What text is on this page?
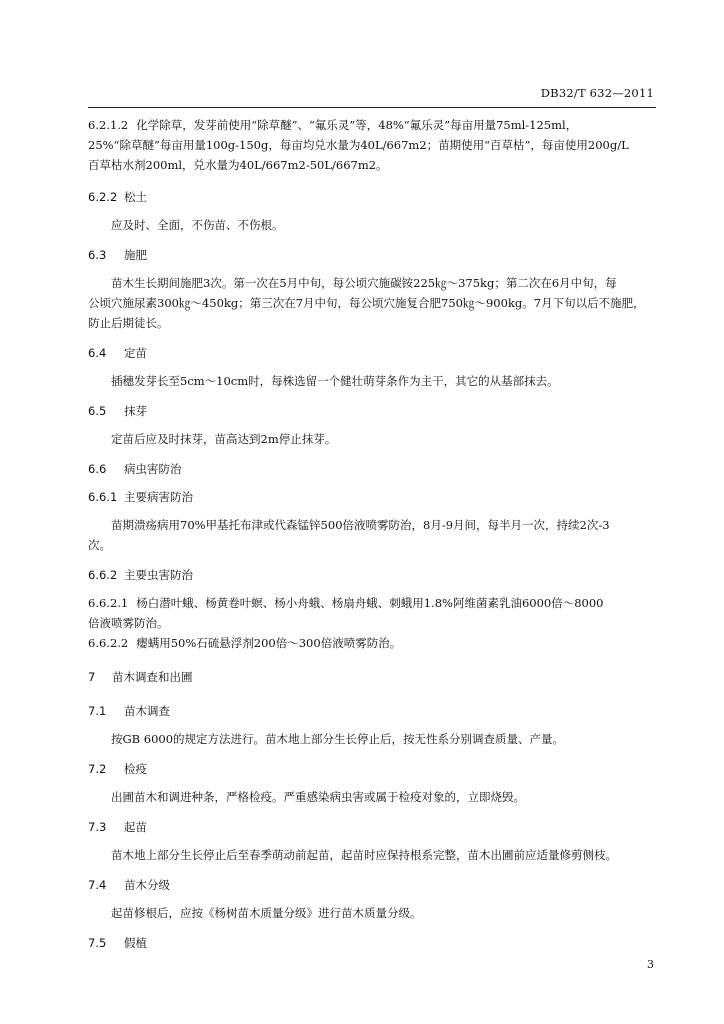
DB32/T 632—2011
6.2.1.2 化学除草，发芽前使用“除草醚”、“氟乐灵”等，48%“氟乐灵”每亩用量75ml-125ml，
25%“除草醚”每亩用量100g-150g，每亩均兑水量为40L/667m2；苗期使用“百草枯”，每亩使用200g/L
百草枯水剂200ml，兑水量为40L/667m2-50L/667m2。
6.2.2 松土
应及时、全面，不伤苗、不伤根。
6.3 施肥
苗木生长期间施肥3次。第一次在5月中旬，每公顷穴施碳铵225㎏～375kg；第二次在6月中旬，每
公顷穴施尿素300㎏～450kg；第三次在7月中旬，每公顷穴施复合肥750㎏～900kg。7月下旬以后不施肥，
防止后期徒长。
6.4 定苗
插穗发芽长至5cm～10cm时，每株选留一个健壮萌芽条作为主干，其它的从基部抹去。
6.5 抹芽
定苗后应及时抹芽，苗高达到2m停止抹芽。
6.6 病虫害防治
6.6.1 主要病害防治
苗期溃疡病用70%甲基托布津或代森锰锌500倍液喷雾防治，8月-9月间，每半月一次，持续2次-3
次。
6.6.2 主要虫害防治
6.6.2.1 杨白潜叶蛾、杨黄卷叶螟、杨小舟蛾、杨扇舟蛾、刺蛾用1.8%阿维菌素乳油6000倍～8000
倍液喷雾防治。
6.6.2.2 瘿螨用50%石硫悬浮剂200倍～300倍液喷雾防治。
7 苗木调查和出圃
7.1 苗木调查
按GB 6000的规定方法进行。苗木地上部分生长停止后，按无性系分别调查质量、产量。
7.2 检疫
出圃苗木和调进种条，严格检疫。严重感染病虫害或属于检疫对象的，立即烧毁。
7.3 起苗
苗木地上部分生长停止后至春季萌动前起苗，起苗时应保持根系完整，苗木出圃前应适量修剪侧枝。
7.4 苗木分级
起苗修根后，应按《杨树苗木质量分级》进行苗木质量分级。
7.5 假植
3
